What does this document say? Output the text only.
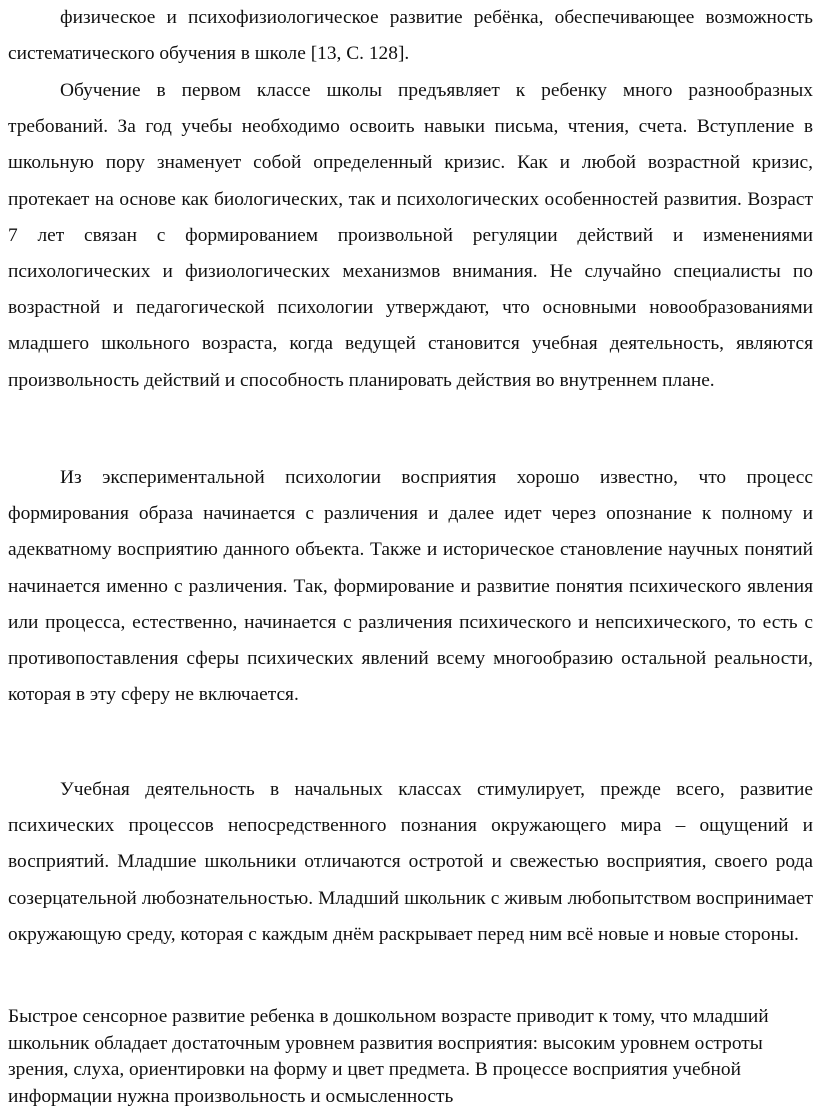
физическое и психофизиологическое развитие ребёнка, обеспечивающее возможность систематического обучения в школе [13, С. 128].

Обучение в первом классе школы предъявляет к ребенку много разнообразных требований. За год учебы необходимо освоить навыки письма, чтения, счета. Вступление в школьную пору знаменует собой определенный кризис. Как и любой возрастной кризис, протекает на основе как биологических, так и психологических особенностей развития. Возраст 7 лет связан с формированием произвольной регуляции действий и изменениями психологических и физиологических механизмов внимания. Не случайно специалисты по возрастной и педагогической психологии утверждают, что основными новообразованиями младшего школьного возраста, когда ведущей становится учебная деятельность, являются произвольность действий и способность планировать действия во внутреннем плане.

Из экспериментальной психологии восприятия хорошо известно, что процесс формирования образа начинается с различения и далее идет через опознание к полному и адекватному восприятию данного объекта. Также и историческое становление научных понятий начинается именно с различения. Так, формирование и развитие понятия психического явления или процесса, естественно, начинается с различения психического и непсихического, то есть с противопоставления сферы психических явлений всему многообразию остальной реальности, которая в эту сферу не включается.

Учебная деятельность в начальных классах стимулирует, прежде всего, развитие психических процессов непосредственного познания окружающего мира – ощущений и восприятий. Младшие школьники отличаются остротой и свежестью восприятия, своего рода созерцательной любознательностью. Младший школьник с живым любопытством воспринимает окружающую среду, которая с каждым днём раскрывает перед ним всё новые и новые стороны.

Быстрое сенсорное развитие ребенка в дошкольном возрасте приводит к тому, что младший школьник обладает достаточным уровнем развития восприятия: высоким уровнем остроты зрения, слуха, ориентировки на форму и цвет предмета. В процессе восприятия учебной информации нужна произвольность и осмысленность
